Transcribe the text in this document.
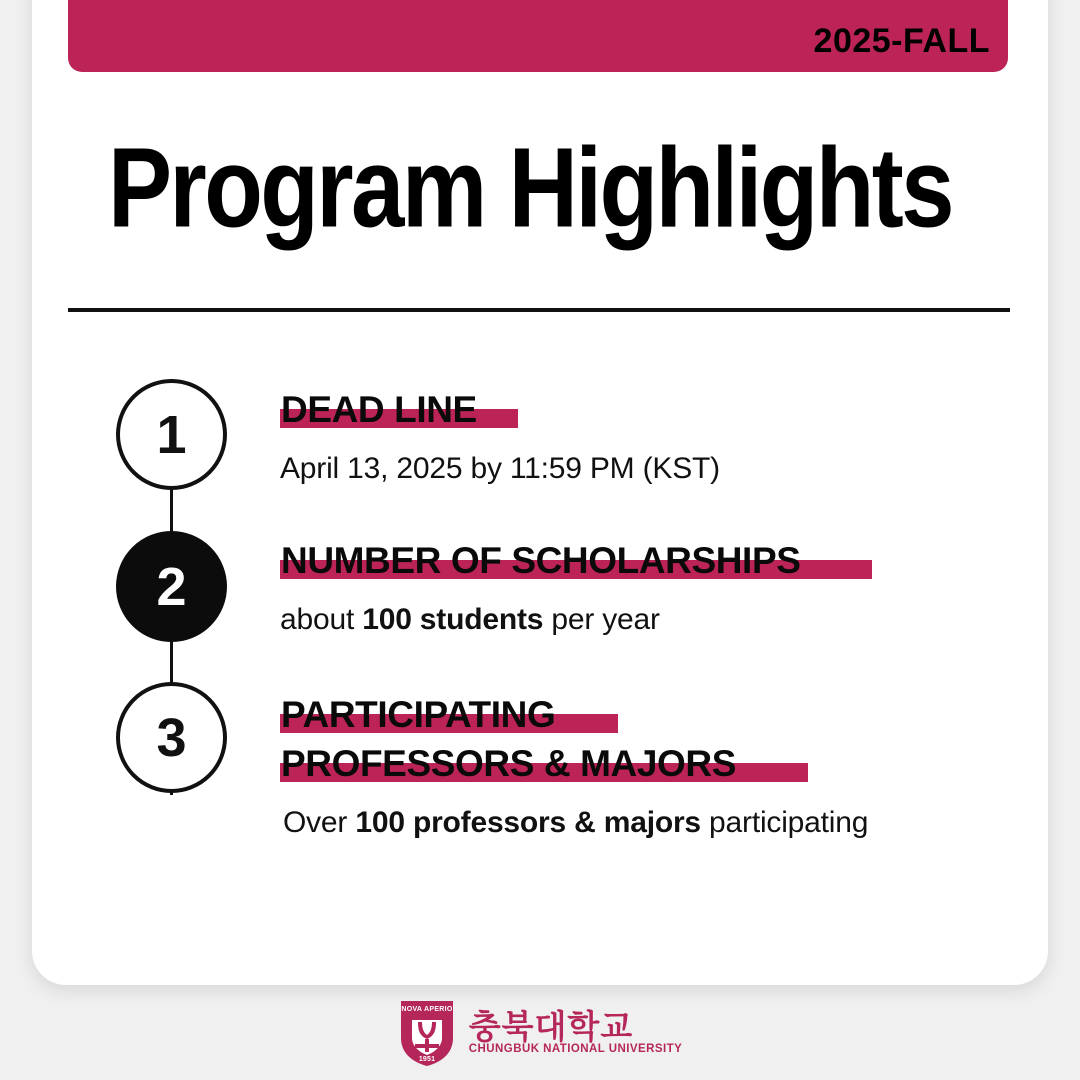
2025-FALL
Program Highlights
1
2
3
DEAD LINE
April 13, 2025 by 11:59 PM (KST)
NUMBER OF SCHOLARSHIPS
about 100 students per year
PARTICIPATING
PROFESSORS & MAJORS
Over 100 professors & majors participating
NOVA APERIO
1951
충북대학교
CHUNGBUK NATIONAL UNIVERSITY
